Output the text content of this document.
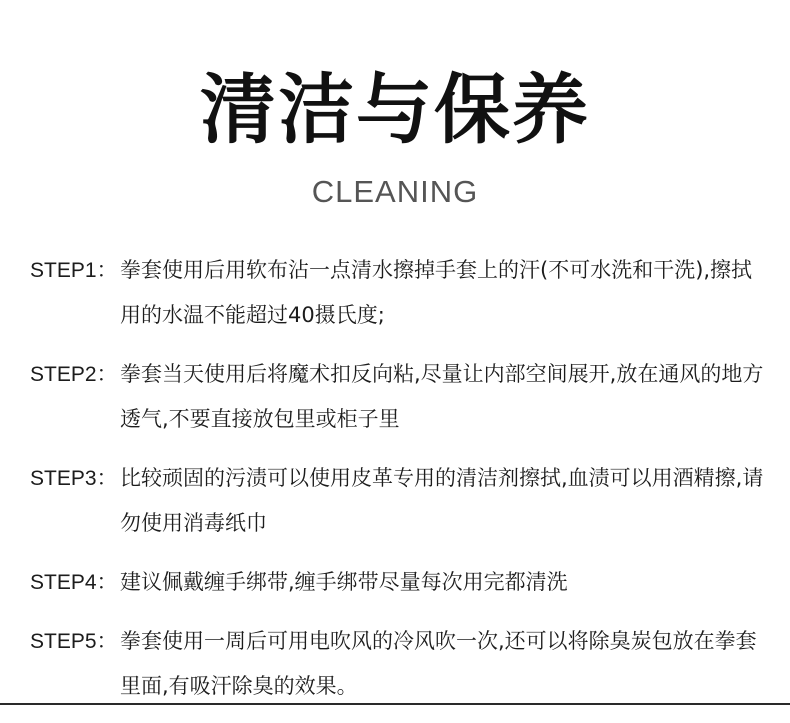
清洁与保养
CLEANING
STEP1： 拳套使用后用软布沾一点清水擦掉手套上的汗(不可水洗和干洗),擦拭用的水温不能超过40摄氏度;
STEP2： 拳套当天使用后将魔术扣反向粘,尽量让内部空间展开,放在通风的地方透气,不要直接放包里或柜子里
STEP3： 比较顽固的污渍可以使用皮革专用的清洁剂擦拭,血渍可以用酒精擦,请勿使用消毒纸巾
STEP4： 建议佩戴缠手绑带,缠手绑带尽量每次用完都清洗
STEP5： 拳套使用一周后可用电吹风的冷风吹一次,还可以将除臭炭包放在拳套里面,有吸汗除臭的效果。
